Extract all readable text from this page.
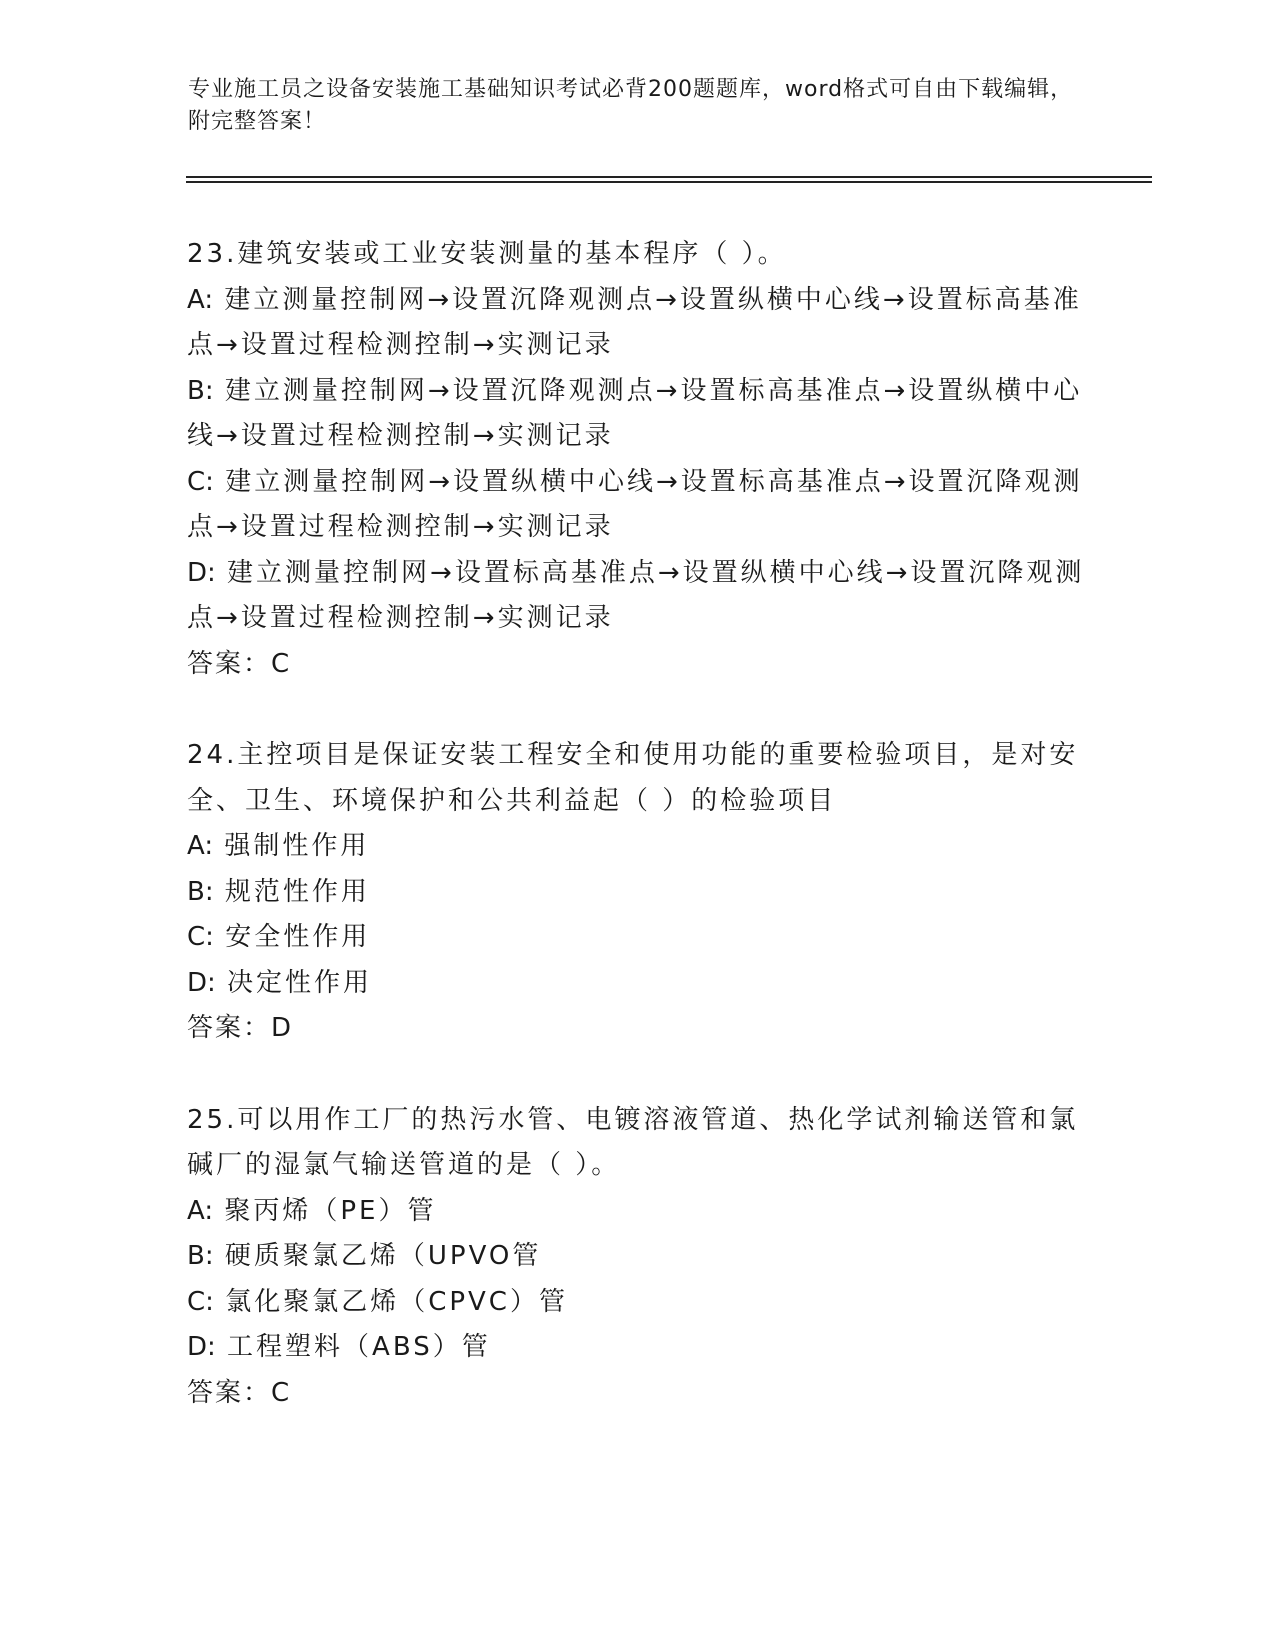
专业施工员之设备安装施工基础知识考试必背200题题库，word格式可自由下载编辑，附完整答案！

23.建筑安装或工业安装测量的基本程序（ ）。

A: 建立测量控制网→设置沉降观测点→设置纵横中心线→设置标高基准点→设置过程检测控制→实测记录

B: 建立测量控制网→设置沉降观测点→设置标高基准点→设置纵横中心线→设置过程检测控制→实测记录

C: 建立测量控制网→设置纵横中心线→设置标高基准点→设置沉降观测点→设置过程检测控制→实测记录

D: 建立测量控制网→设置标高基准点→设置纵横中心线→设置沉降观测点→设置过程检测控制→实测记录

答案：C

24.主控项目是保证安装工程安全和使用功能的重要检验项目，是对安全、卫生、环境保护和公共利益起（ ）的检验项目

A: 强制性作用

B: 规范性作用

C: 安全性作用

D: 决定性作用

答案：D

25.可以用作工厂的热污水管、电镀溶液管道、热化学试剂输送管和氯碱厂的湿氯气输送管道的是（ ）。

A: 聚丙烯（PE）管

B: 硬质聚氯乙烯（UPVO管

C: 氯化聚氯乙烯（CPVC）管

D: 工程塑料（ABS）管

答案：C
